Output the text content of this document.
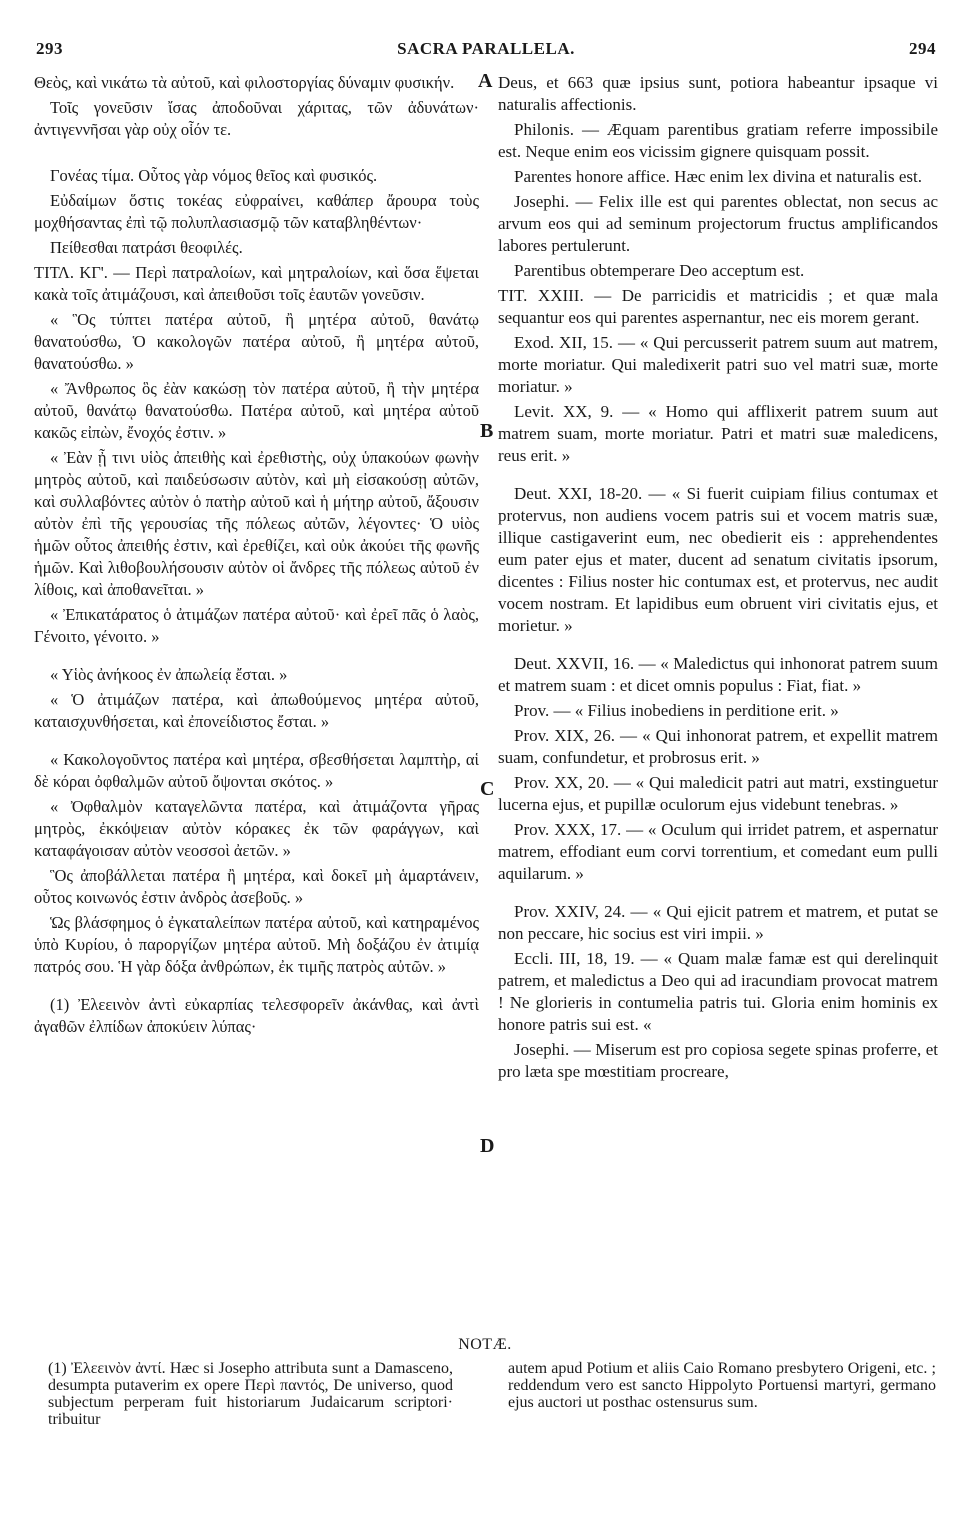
293	SACRA PARALLELA.	294
A
B
C
D

Θεὸς, καὶ νικάτω τὰ αὐτοῦ, καὶ φιλοστοργίας δύναμιν φυσικήν.

Τοῖς γονεῦσιν ἴσας ἀποδοῦναι χάριτας, τῶν ἀδυνάτων· ἀντιγεννῆσαι γὰρ οὐχ οἷόν τε.

Γονέας τίμα. Οὗτος γὰρ νόμος θεῖος καὶ φυσικός.

Εὐδαίμων ὅστις τοκέας εὐφραίνει, καθάπερ ἄρουρα τοὺς μοχθήσαντας ἐπὶ τῷ πολυπλασιασμῷ τῶν καταβληθέντων·

Πείθεσθαι πατράσι θεοφιλές.

ΤΙΤΛ. ΚΓ'. — Περὶ πατραλοίων, καὶ μητραλοίων, καὶ ὅσα ἕψεται κακὰ τοῖς ἀτιμάζουσι, καὶ ἀπειθοῦσι τοῖς ἑαυτῶν γονεῦσιν.

« Ὃς τύπτει πατέρα αὐτοῦ, ἢ μητέρα αὐτοῦ, θανάτῳ θανατούσθω, Ὁ κακολογῶν πατέρα αὐτοῦ, ἢ μητέρα αὐτοῦ, θανατούσθω. »

« Ἄνθρωπος ὃς ἐὰν κακώσῃ τὸν πατέρα αὐτοῦ, ἢ τὴν μητέρα αὐτοῦ, θανάτῳ θανατούσθω. Πατέρα αὐτοῦ, καὶ μητέρα αὐτοῦ κακῶς εἰπὼν, ἔνοχός ἐστιν. »

« Ἐὰν ᾖ τινι υἱὸς ἀπειθὴς καὶ ἐρεθιστὴς, οὐχ ὑπακούων φωνὴν μητρὸς αὐτοῦ, καὶ παιδεύσωσιν αὐτὸν, καὶ μὴ εἰσακούσῃ αὐτῶν, καὶ συλλαβόντες αὐτὸν ὁ πατὴρ αὐτοῦ καὶ ἡ μήτηρ αὐτοῦ, ἄξουσιν αὐτὸν ἐπὶ τῆς γερουσίας τῆς πόλεως αὐτῶν, λέγοντες· Ὁ υἱὸς ἡμῶν οὗτος ἀπειθής ἐστιν, καὶ ἐρεθίζει, καὶ οὐκ ἀκούει τῆς φωνῆς ἡμῶν. Καὶ λιθοβουλήσουσιν αὐτὸν οἱ ἄνδρες τῆς πόλεως αὐτοῦ ἐν λίθοις, καὶ ἀποθανεῖται. »

« Ἐπικατάρατος ὁ ἀτιμάζων πατέρα αὐτοῦ· καὶ ἐρεῖ πᾶς ὁ λαὸς, Γένοιτο, γένοιτο. »

« Υἱὸς ἀνήκοος ἐν ἀπωλείᾳ ἔσται. »

« Ὁ ἀτιμάζων πατέρα, καὶ ἀπωθούμενος μητέρα αὐτοῦ, καταισχυνθήσεται, καὶ ἐπονείδιστος ἔσται. »

« Κακολογοῦντος πατέρα καὶ μητέρα, σβεσθήσεται λαμπτὴρ, αἱ δὲ κόραι ὀφθαλμῶν αὐτοῦ ὄψονται σκότος. »

« Ὀφθαλμὸν καταγελῶντα πατέρα, καὶ ἀτιμάζοντα γῆρας μητρὸς, ἐκκόψειαν αὐτὸν κόρακες ἐκ τῶν φαράγγων, καὶ καταφάγοισαν αὐτὸν νεοσσοὶ ἀετῶν. »

Ὃς ἀποβάλλεται πατέρα ἢ μητέρα, καὶ δοκεῖ μὴ ἁμαρτάνειν, οὗτος κοινωνός ἐστιν ἀνδρὸς ἀσεβοῦς. »

Ὡς βλάσφημος ὁ ἐγκαταλείπων πατέρα αὐτοῦ, καὶ κατηραμένος ὑπὸ Κυρίου, ὁ παροργίζων μητέρα αὐτοῦ. Μὴ δοξάζου ἐν ἀτιμίᾳ πατρός σου. Ἡ γὰρ δόξα ἀνθρώπων, ἐκ τιμῆς πατρὸς αὐτῶν. »

(1) Ἐλεεινὸν ἀντὶ εὐκαρπίας τελεσφορεῖν ἀκάνθας, καὶ ἀντὶ ἀγαθῶν ἐλπίδων ἀποκύειν λύπας·

Deus, et 663 quæ ipsius sunt, potiora habeantur ipsaque vi naturalis affectionis.

Philonis. — Æquam parentibus gratiam referre impossibile est. Neque enim eos vicissim gignere quisquam possit.

Parentes honore affice. Hæc enim lex divina et naturalis est.

Josephi. — Felix ille est qui parentes oblectat, non secus ac arvum eos qui ad seminum projectorum fructus amplificandos labores pertulerunt.

Parentibus obtemperare Deo acceptum est.

TIT. XXIII. — De parricidis et matricidis ; et quæ mala sequantur eos qui parentes aspernantur, nec eis morem gerant.

Exod. XII, 15. — « Qui percusserit patrem suum aut matrem, morte moriatur. Qui maledixerit patri suo vel matri suæ, morte moriatur. »

Levit. XX, 9. — « Homo qui afflixerit patrem suum aut matrem suam, morte moriatur. Patri et matri suæ maledicens, reus erit. »

Deut. XXI, 18-20. — « Si fuerit cuipiam filius contumax et protervus, non audiens vocem patris sui et vocem matris suæ, illique castigaverint eum, nec obedierit eis : apprehendentes eum pater ejus et mater, ducent ad senatum civitatis ipsorum, dicentes : Filius noster hic contumax est, et protervus, nec audit vocem nostram. Et lapidibus eum obruent viri civitatis ejus, et morietur. »

Deut. XXVII, 16. — « Maledictus qui inhonorat patrem suum et matrem suam : et dicet omnis populus : Fiat, fiat. »

Prov. — « Filius inobediens in perditione erit. »

Prov. XIX, 26. — « Qui inhonorat patrem, et expellit matrem suam, confundetur, et probrosus erit. »

Prov. XX, 20. — « Qui maledicit patri aut matri, exstinguetur lucerna ejus, et pupillæ oculorum ejus videbunt tenebras. »

Prov. XXX, 17. — « Oculum qui irridet patrem, et aspernatur matrem, effodiant eum corvi torrentium, et comedant eum pulli aquilarum. »

Prov. XXIV, 24. — « Qui ejicit patrem et matrem, et putat se non peccare, hic socius est viri impii. »

Eccli. III, 18, 19. — « Quam malæ famæ est qui derelinquit patrem, et maledictus a Deo qui ad iracundiam provocat matrem ! Ne glorieris in contumelia patris tui. Gloria enim hominis ex honore patris sui est. «

Josephi. — Miserum est pro copiosa segete spinas proferre, et pro læta spe mœstitiam procreare,

NOTÆ.
(1) Ἐλεεινὸν ἀντί. Hæc si Josepho attributa sunt a Damasceno, desumpta putaverim ex opere Περὶ παντός, De universo, quod subjectum perperam fuit historiarum Judaicarum scriptori· tribuitur
autem apud Potium et aliis Caio Romano presbytero Origeni, etc. ; reddendum vero est sancto Hippolyto Portuensi martyri, germano ejus auctori ut posthac ostensurus sum.
